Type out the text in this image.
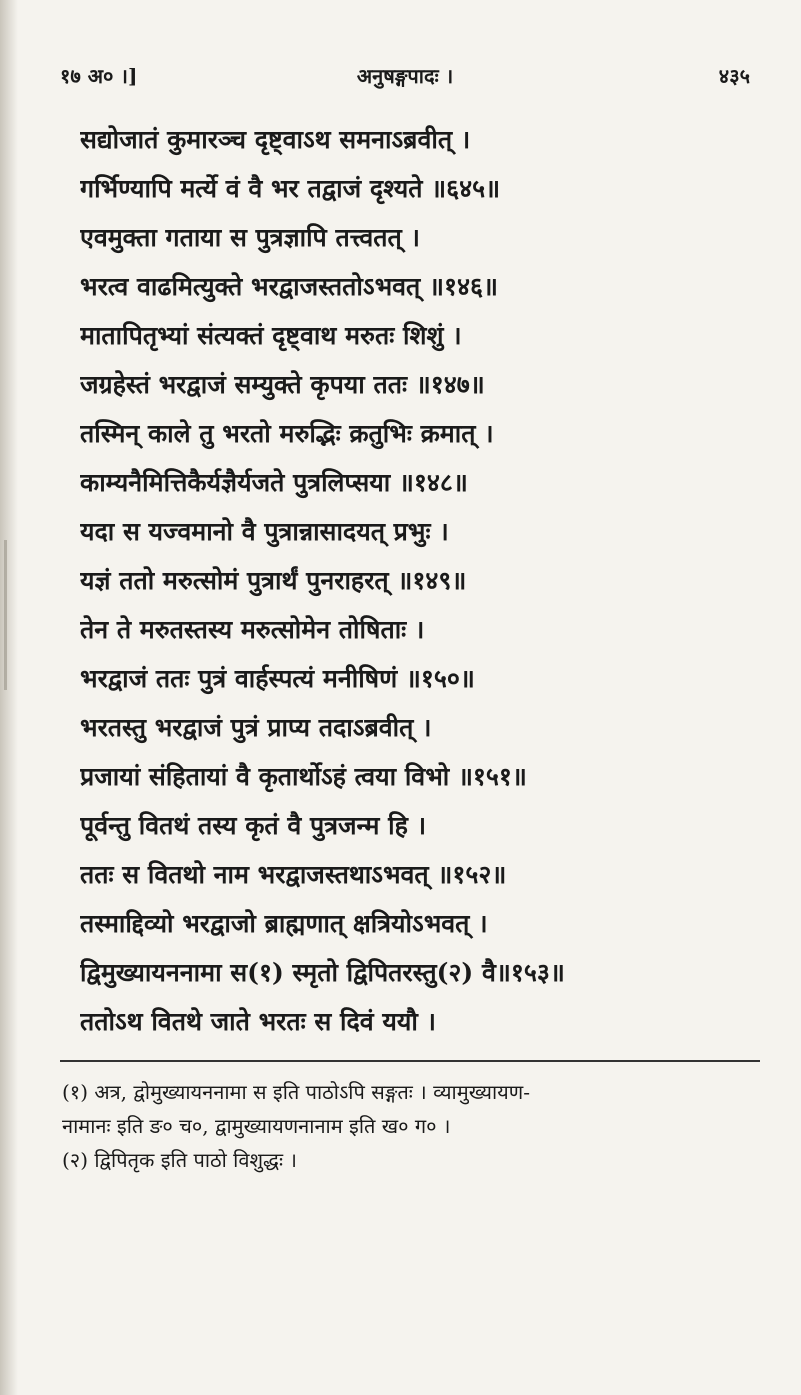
१७ अ० ।]	अनुषङ्गपादः ।	४३५
सद्योजातं कुमारञ्च दृष्ट्वाऽथ समनाऽब्रवीत् ।
गर्भिण्यापि मर्त्ये वं वै भर तद्वाजं दृश्यते ॥६४५॥
एवमुक्ता गताया स पुत्रज्ञापि तत्त्वतत् ।
भरत्व वाढमित्युक्ते भरद्वाजस्ततोऽभवत् ॥१४६॥
मातापितृभ्यां संत्यक्तं दृष्ट्वाथ मरुतः शिशुं ।
जग्रहेस्तं भरद्वाजं सम्युक्ते कृपया ततः ॥१४७॥
तस्मिन् काले तु भरतो मरुद्भिः क्रतुभिः क्रमात् ।
काम्यनैमित्तिकैर्यज्ञैर्यजते पुत्रलिप्सया ॥१४८॥
यदा स यज्वमानो वै पुत्रान्नासादयत् प्रभुः ।
यज्ञं ततो मरुत्सोमं पुत्रार्थं पुनराहरत् ॥१४९॥
तेन ते मरुतस्तस्य मरुत्सोमेन तोषिताः ।
भरद्वाजं ततः पुत्रं वार्हस्पत्यं मनीषिणं ॥१५०॥
भरतस्तु भरद्वाजं पुत्रं प्राप्य तदाऽब्रवीत् ।
प्रजायां संहितायां वै कृतार्थोऽहं त्वया विभो ॥१५१॥
पूर्वन्तु वितथं तस्य कृतं वै पुत्रजन्म हि ।
ततः स वितथो नाम भरद्वाजस्तथाऽभवत् ॥१५२॥
तस्माद्दिव्यो भरद्वाजो ब्राह्मणात् क्षत्रियोऽभवत् ।
द्विमुख्यायननामा स(१) स्मृतो द्विपितरस्तु(२) वै॥१५३॥
ततोऽथ वितथे जाते भरतः स दिवं ययौ ।
(१) अत्र, द्वोमुख्यायननामा स इति पाठोऽपि सङ्गतः । व्यामुख्यायण-
नामानः इति ङ० च०, द्वामुख्यायणनानाम इति ख० ग० ।
(२) द्विपितृक इति पाठो विशुद्धः ।
